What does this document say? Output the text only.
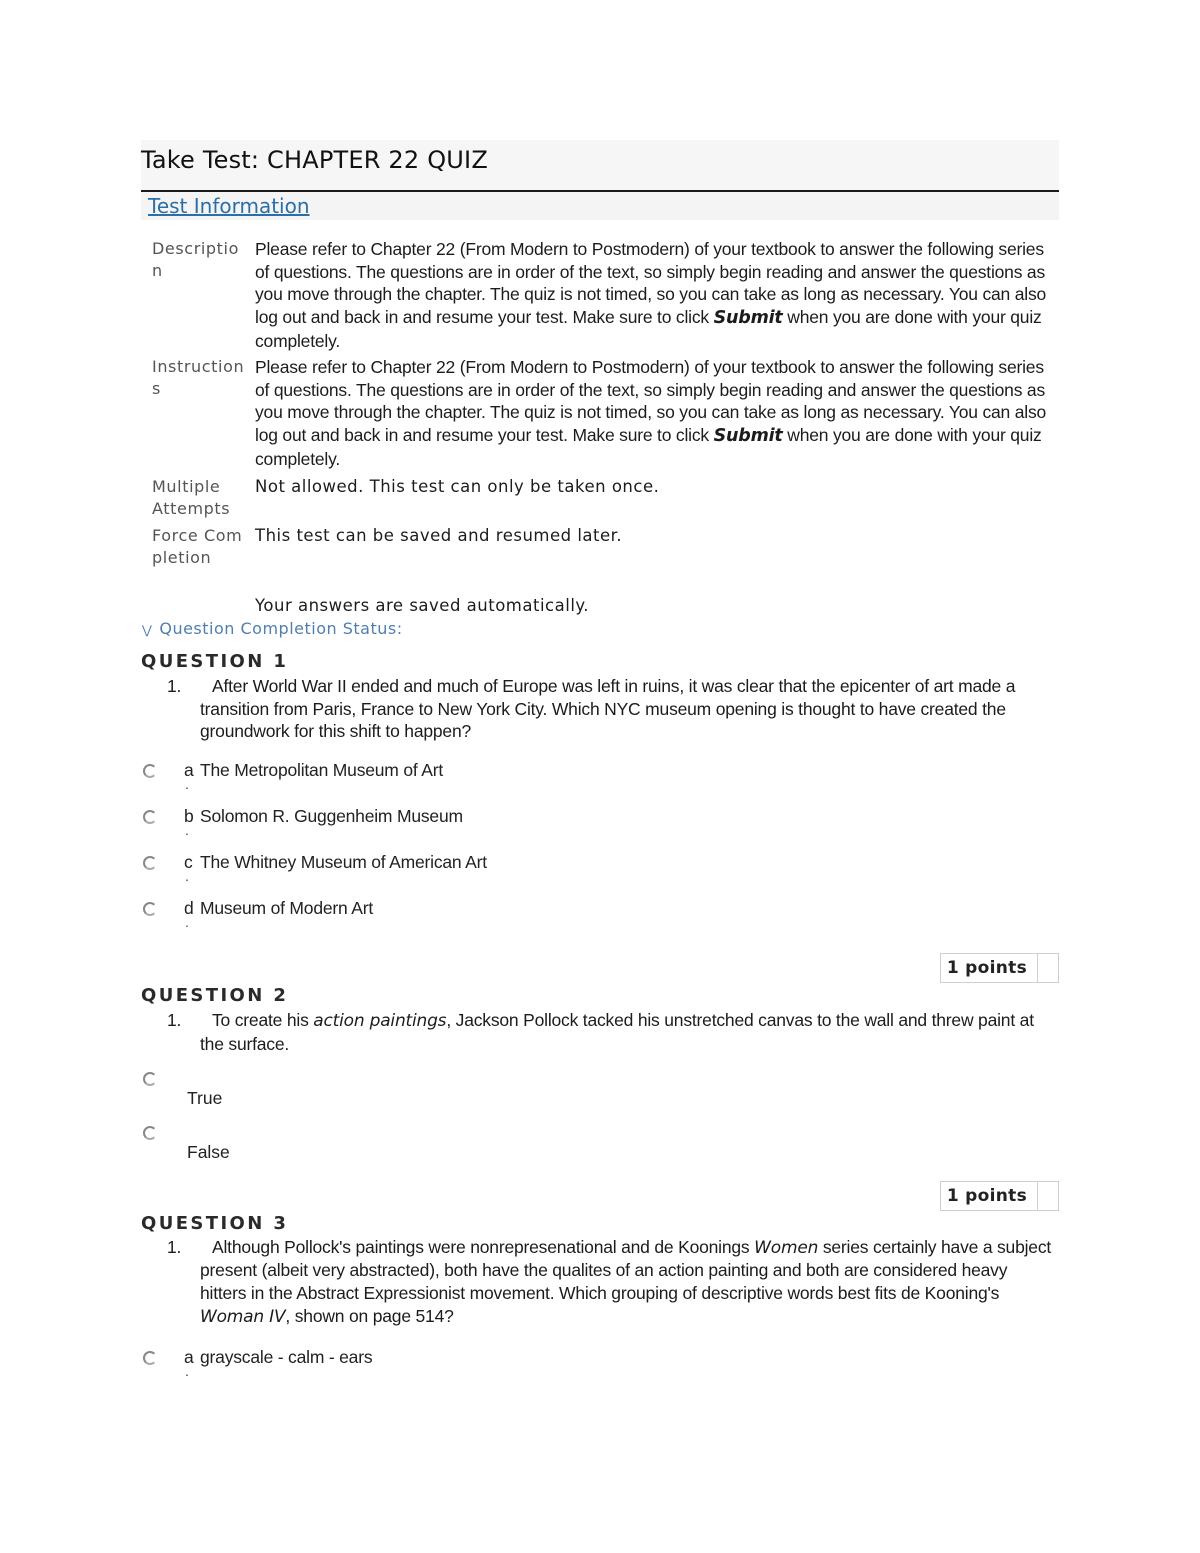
Take Test: CHAPTER 22 QUIZ
Test Information
Description
Please refer to Chapter 22 (From Modern to Postmodern) of your textbook to answer the following series of questions. The questions are in order of the text, so simply begin reading and answer the questions as you move through the chapter. The quiz is not timed, so you can take as long as necessary. You can also log out and back in and resume your test. Make sure to click Submit when you are done with your quiz completely.
Instructions
Please refer to Chapter 22 (From Modern to Postmodern) of your textbook to answer the following series of questions. The questions are in order of the text, so simply begin reading and answer the questions as you move through the chapter. The quiz is not timed, so you can take as long as necessary. You can also log out and back in and resume your test. Make sure to click Submit when you are done with your quiz completely.
Multiple Attempts
Not allowed. This test can only be taken once.
Force Completion
This test can be saved and resumed later.
Your answers are saved automatically.
⋁ Question Completion Status:
QUESTION 1
1. After World War II ended and much of Europe was left in ruins, it was clear that the epicenter of art made a transition from Paris, France to New York City. Which NYC museum opening is thought to have created the groundwork for this shift to happen?
a
.
The Metropolitan Museum of Art
b
.
Solomon R. Guggenheim Museum
c
.
The Whitney Museum of American Art
d
.
Museum of Modern Art
1 points
QUESTION 2
1. To create his action paintings, Jackson Pollock tacked his unstretched canvas to the wall and threw paint at the surface.
True
False
1 points
QUESTION 3
1. Although Pollock's paintings were nonrepresenational and de Koonings Women series certainly have a subject present (albeit very abstracted), both have the qualites of an action painting and both are considered heavy hitters in the Abstract Expressionist movement. Which grouping of descriptive words best fits de Kooning's Woman IV, shown on page 514?
a
.
grayscale - calm - ears
